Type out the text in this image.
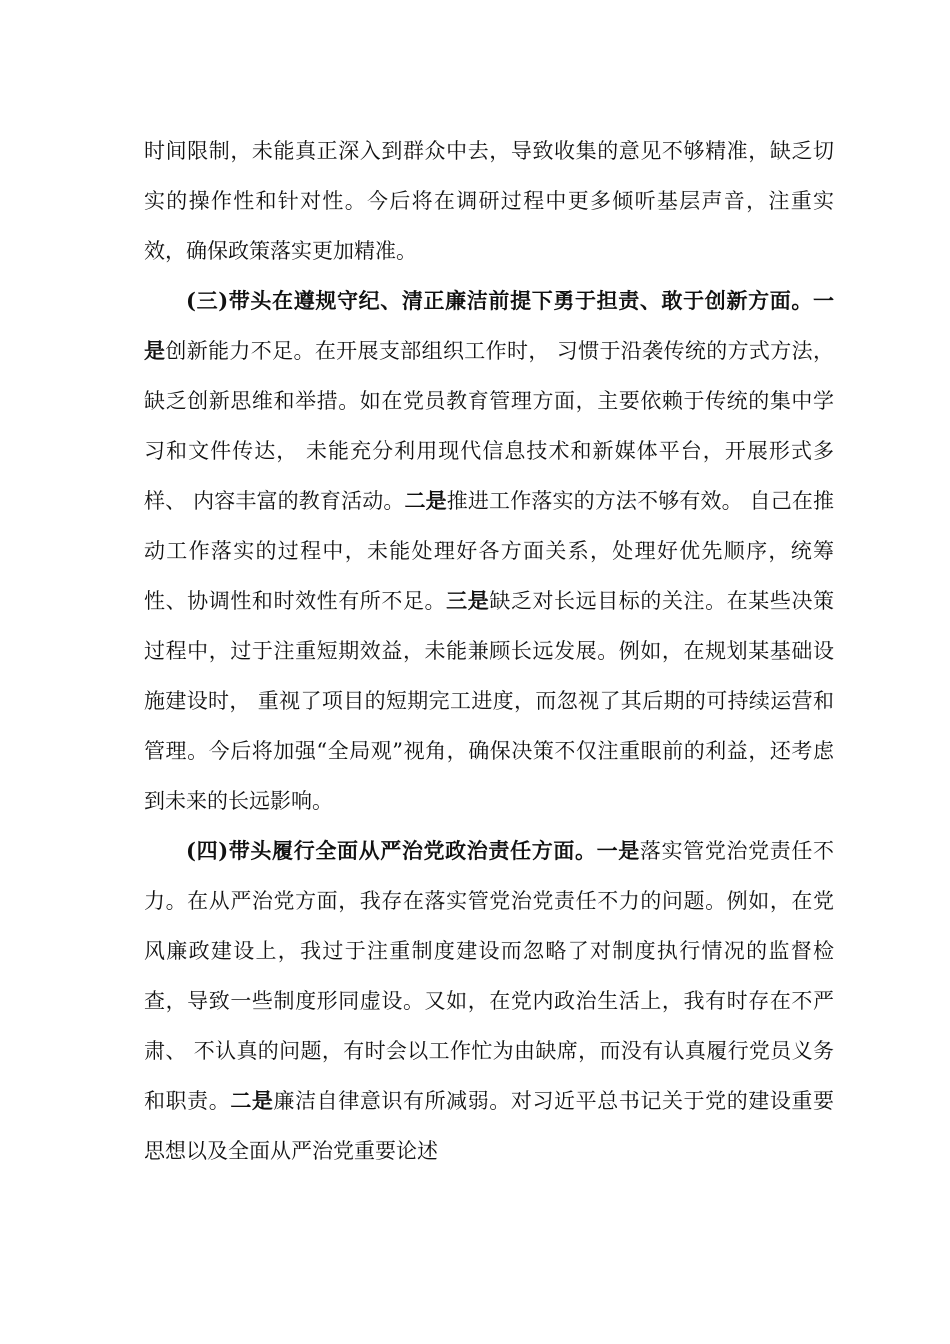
时间限制，未能真正深入到群众中去，导致收集的意见不够精准，缺乏切实的操作性和针对性。今后将在调研过程中更多倾听基层声音，注重实效，确保政策落实更加精准。

(三)带头在遵规守纪、清正廉洁前提下勇于担责、敢于创新方面。一是创新能力不足。在开展支部组织工作时， 习惯于沿袭传统的方式方法，缺乏创新思维和举措。如在党员教育管理方面，主要依赖于传统的集中学习和文件传达， 未能充分利用现代信息技术和新媒体平台，开展形式多样、 内容丰富的教育活动。二是推进工作落实的方法不够有效。 自己在推动工作落实的过程中，未能处理好各方面关系，处理好优先顺序，统筹性、协调性和时效性有所不足。三是缺乏对长远目标的关注。在某些决策过程中，过于注重短期效益，未能兼顾长远发展。例如，在规划某基础设施建设时， 重视了项目的短期完工进度，而忽视了其后期的可持续运营和管理。今后将加强“全局观”视角，确保决策不仅注重眼前的利益，还考虑到未来的长远影响。

(四)带头履行全面从严治党政治责任方面。一是落实管党治党责任不力。在从严治党方面，我存在落实管党治党责任不力的问题。例如，在党风廉政建设上，我过于注重制度建设而忽略了对制度执行情况的监督检查，导致一些制度形同虚设。又如，在党内政治生活上，我有时存在不严肃、 不认真的问题，有时会以工作忙为由缺席，而没有认真履行党员义务和职责。二是廉洁自律意识有所减弱。对习近平总书记关于党的建设重要思想以及全面从严治党重要论述
